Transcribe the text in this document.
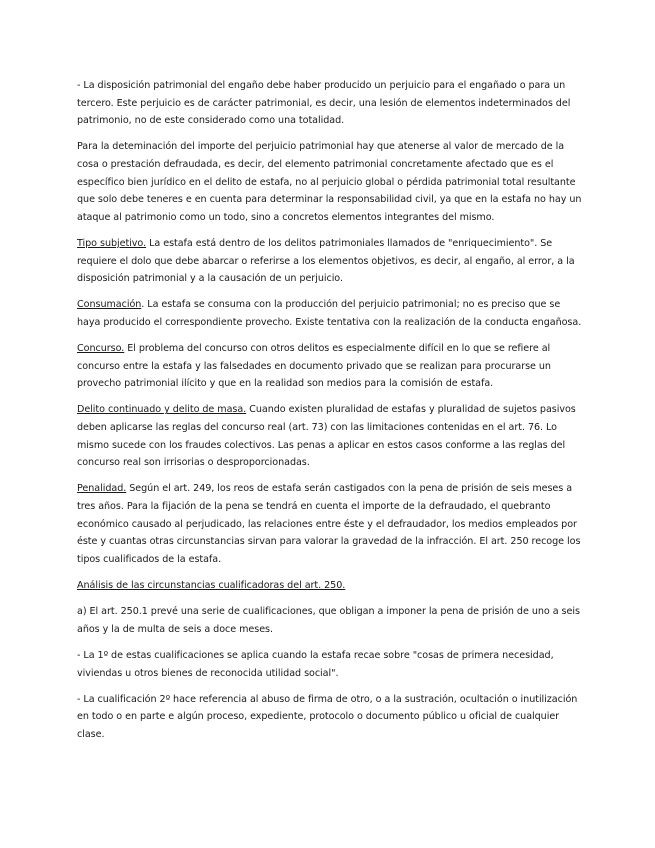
- La disposición patrimonial del engaño debe haber producido un perjuicio para el engañado o para un tercero. Este perjuicio es de carácter patrimonial, es decir, una lesión de elementos indeterminados del patrimonio, no de este considerado como una totalidad.

Para la deteminación del importe del perjuicio patrimonial hay que atenerse al valor de mercado de la cosa o prestación defraudada, es decir, del elemento patrimonial concretamente afectado que es el específico bien jurídico en el delito de estafa, no al perjuicio global o pérdida patrimonial total resultante que solo debe teneres e en cuenta para determinar la responsabilidad civil, ya que en la estafa no hay un ataque al patrimonio como un todo, sino a concretos elementos integrantes del mismo.

Tipo subjetivo. La estafa está dentro de los delitos patrimoniales llamados de "enriquecimiento". Se requiere el dolo que debe abarcar o referirse a los elementos objetivos, es decir, al engaño, al error, a la disposición patrimonial y a la causación de un perjuicio.

Consumación. La estafa se consuma con la producción del perjuicio patrimonial; no es preciso que se haya producido el correspondiente provecho. Existe tentativa con la realización de la conducta engañosa.

Concurso. El problema del concurso con otros delitos es especialmente difícil en lo que se refiere al concurso entre la estafa y las falsedades en documento privado que se realizan para procurarse un provecho patrimonial ilícito y que en la realidad son medios para la comisión de estafa.

Delito continuado y delito de masa. Cuando existen pluralidad de estafas y pluralidad de sujetos pasivos deben aplicarse las reglas del concurso real (art. 73) con las limitaciones contenidas en el art. 76. Lo mismo sucede con los fraudes colectivos. Las penas a aplicar en estos casos conforme a las reglas del concurso real son irrisorias o desproporcionadas.

Penalidad. Según el art. 249, los reos de estafa serán castigados con la pena de prisión de seis meses a tres años. Para la fijación de la pena se tendrá en cuenta el importe de la defraudado, el quebranto económico causado al perjudicado, las relaciones entre éste y el defraudador, los medios empleados por éste y cuantas otras circunstancias sirvan para valorar la gravedad de la infracción. El art. 250 recoge los tipos cualificados de la estafa.

Análisis de las circunstancias cualificadoras del art. 250.

a) El art. 250.1 prevé una serie de cualificaciones, que obligan a imponer la pena de prisión de uno a seis años y la de multa de seis a doce meses.

- La 1º de estas cualificaciones se aplica cuando la estafa recae sobre "cosas de primera necesidad, viviendas u otros bienes de reconocida utilidad social".

- La cualificación 2º hace referencia al abuso de firma de otro, o a la sustración, ocultación o inutilización en todo o en parte e algún proceso, expediente, protocolo o documento público u oficial de cualquier clase.
